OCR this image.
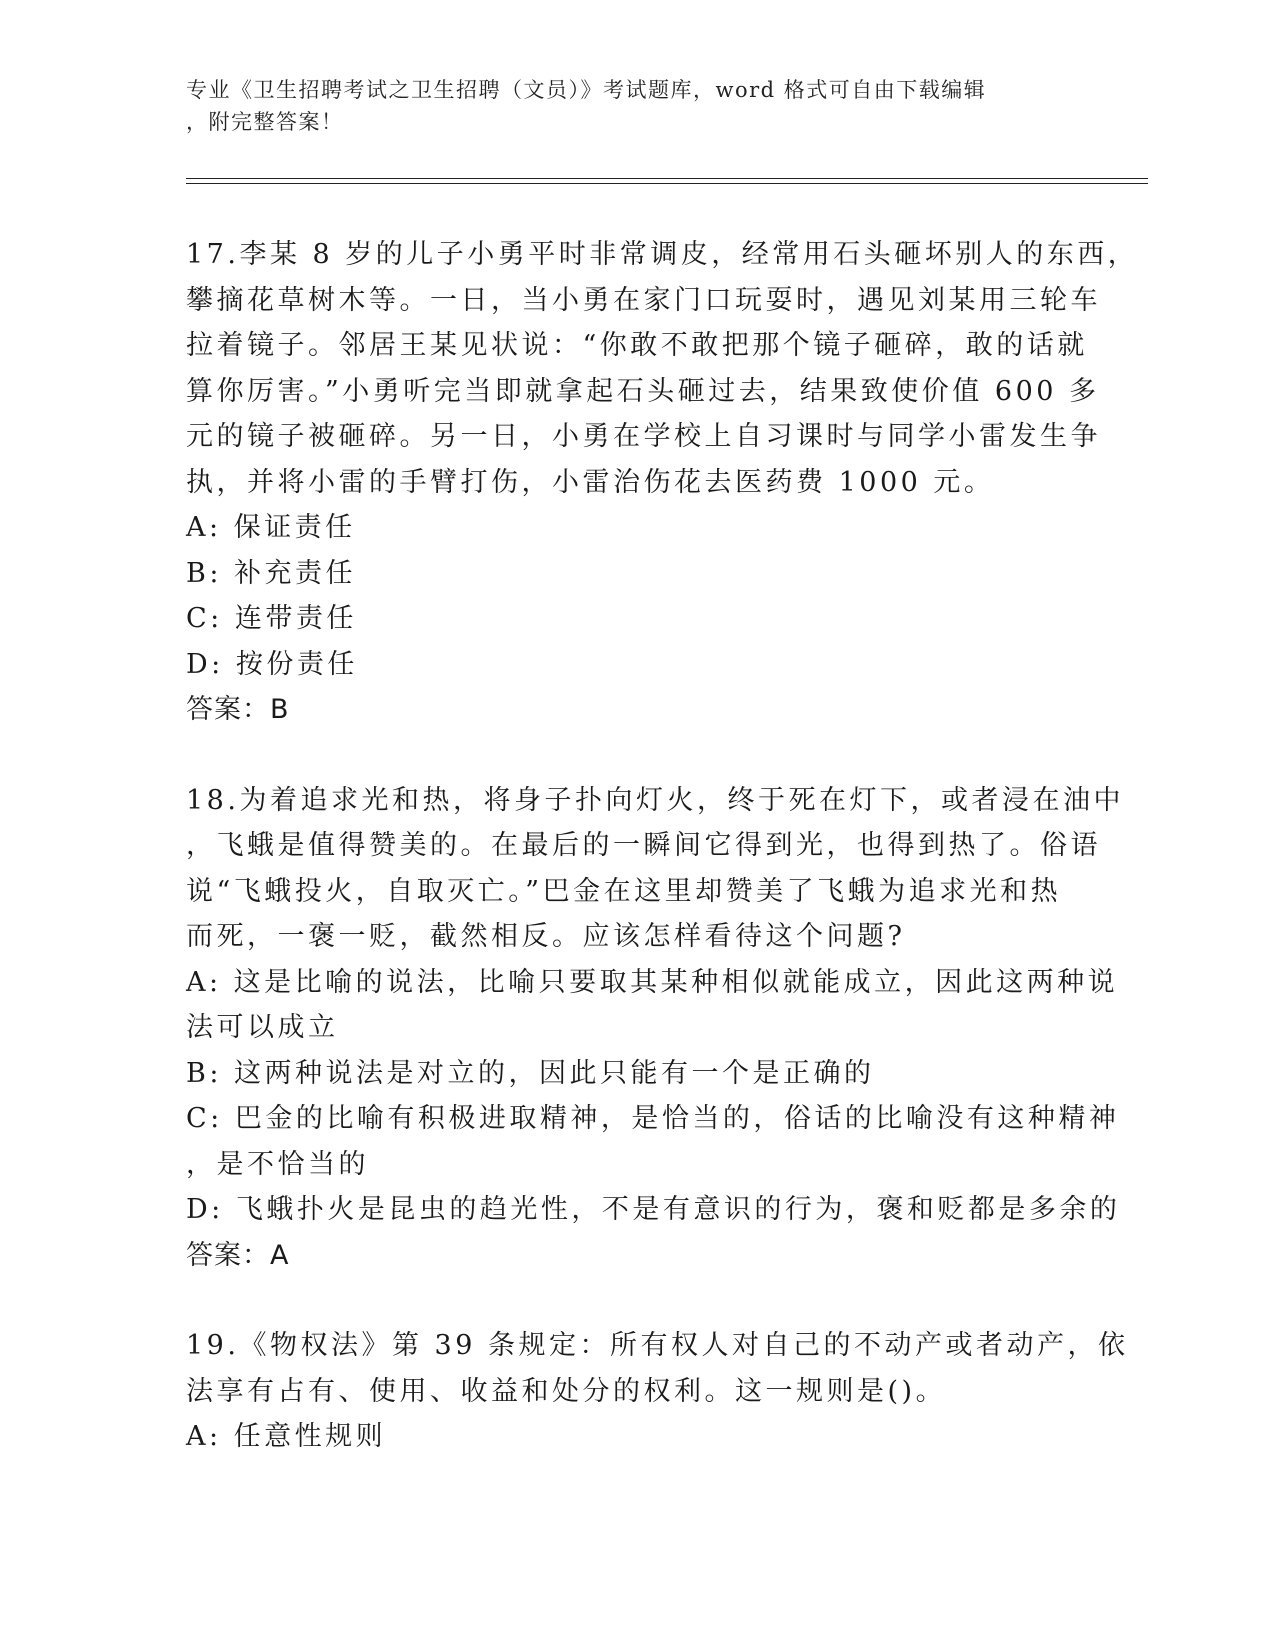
专业《卫生招聘考试之卫生招聘（文员）》考试题库，word 格式可自由下载编辑
，附完整答案！
17.李某 8 岁的儿子小勇平时非常调皮，经常用石头砸坏别人的东西，
攀摘花草树木等。一日，当小勇在家门口玩耍时，遇见刘某用三轮车
拉着镜子。邻居王某见状说：“你敢不敢把那个镜子砸碎，敢的话就
算你厉害。”小勇听完当即就拿起石头砸过去，结果致使价值 600 多
元的镜子被砸碎。另一日，小勇在学校上自习课时与同学小雷发生争
执，并将小雷的手臂打伤，小雷治伤花去医药费 1000 元。
A: 保证责任
B: 补充责任
C: 连带责任
D: 按份责任
答案：B
18.为着追求光和热，将身子扑向灯火，终于死在灯下，或者浸在油中
，飞蛾是值得赞美的。在最后的一瞬间它得到光，也得到热了。俗语
说“飞蛾投火，自取灭亡。”巴金在这里却赞美了飞蛾为追求光和热
而死，一褒一贬，截然相反。应该怎样看待这个问题?
A: 这是比喻的说法，比喻只要取其某种相似就能成立，因此这两种说
法可以成立
B: 这两种说法是对立的，因此只能有一个是正确的
C: 巴金的比喻有积极进取精神，是恰当的，俗话的比喻没有这种精神
，是不恰当的
D: 飞蛾扑火是昆虫的趋光性，不是有意识的行为，褒和贬都是多余的
答案：A
19.《物权法》第 39 条规定：所有权人对自己的不动产或者动产，依
法享有占有、使用、收益和处分的权利。这一规则是()。
A: 任意性规则
